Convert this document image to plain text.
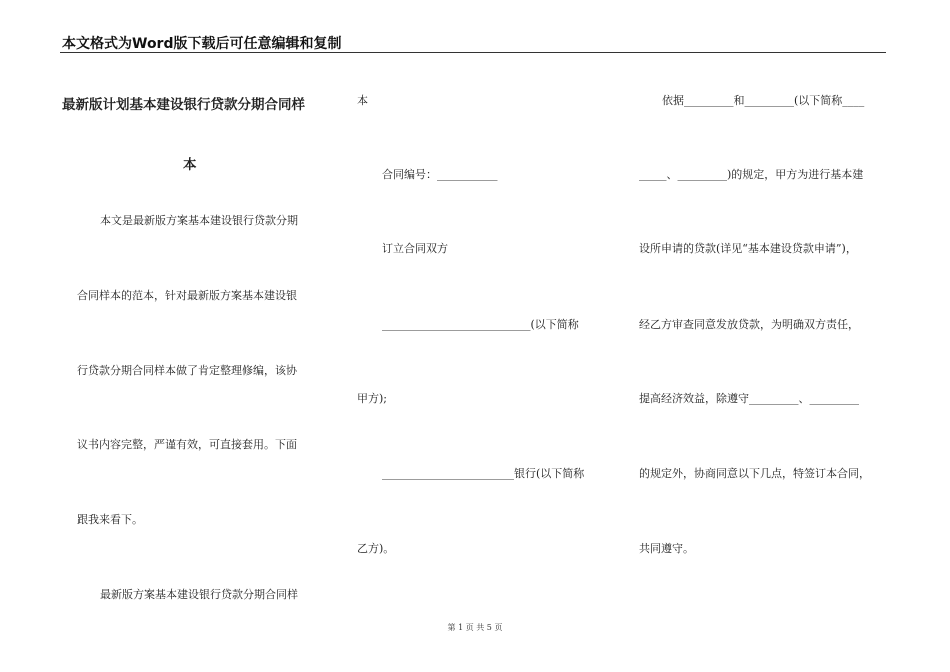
本文格式为Word版下载后可任意编辑和复制
最新版计划基本建设银行贷款分期合同样
本
本文是最新版方案基本建设银行贷款分期
合同样本的范本，针对最新版方案基本建设银
行贷款分期合同样本做了肯定整理修编，该协
议书内容完整，严谨有效，可直接套用。下面
跟我来看下。
最新版方案基本建设银行贷款分期合同样
本
合同编号：___________
订立合同双方
___________________________(以下简称
甲方);
________________________银行(以下简称
乙方)。
依据_________和_________(以下简称____
_____、_________)的规定，甲方为进行基本建
设所申请的贷款(详见“基本建设贷款申请”)，
经乙方审查同意发放贷款，为明确双方责任，
提高经济效益，除遵守_________、_________
的规定外，协商同意以下几点，特签订本合同，
共同遵守。
第 1 页 共 5 页
